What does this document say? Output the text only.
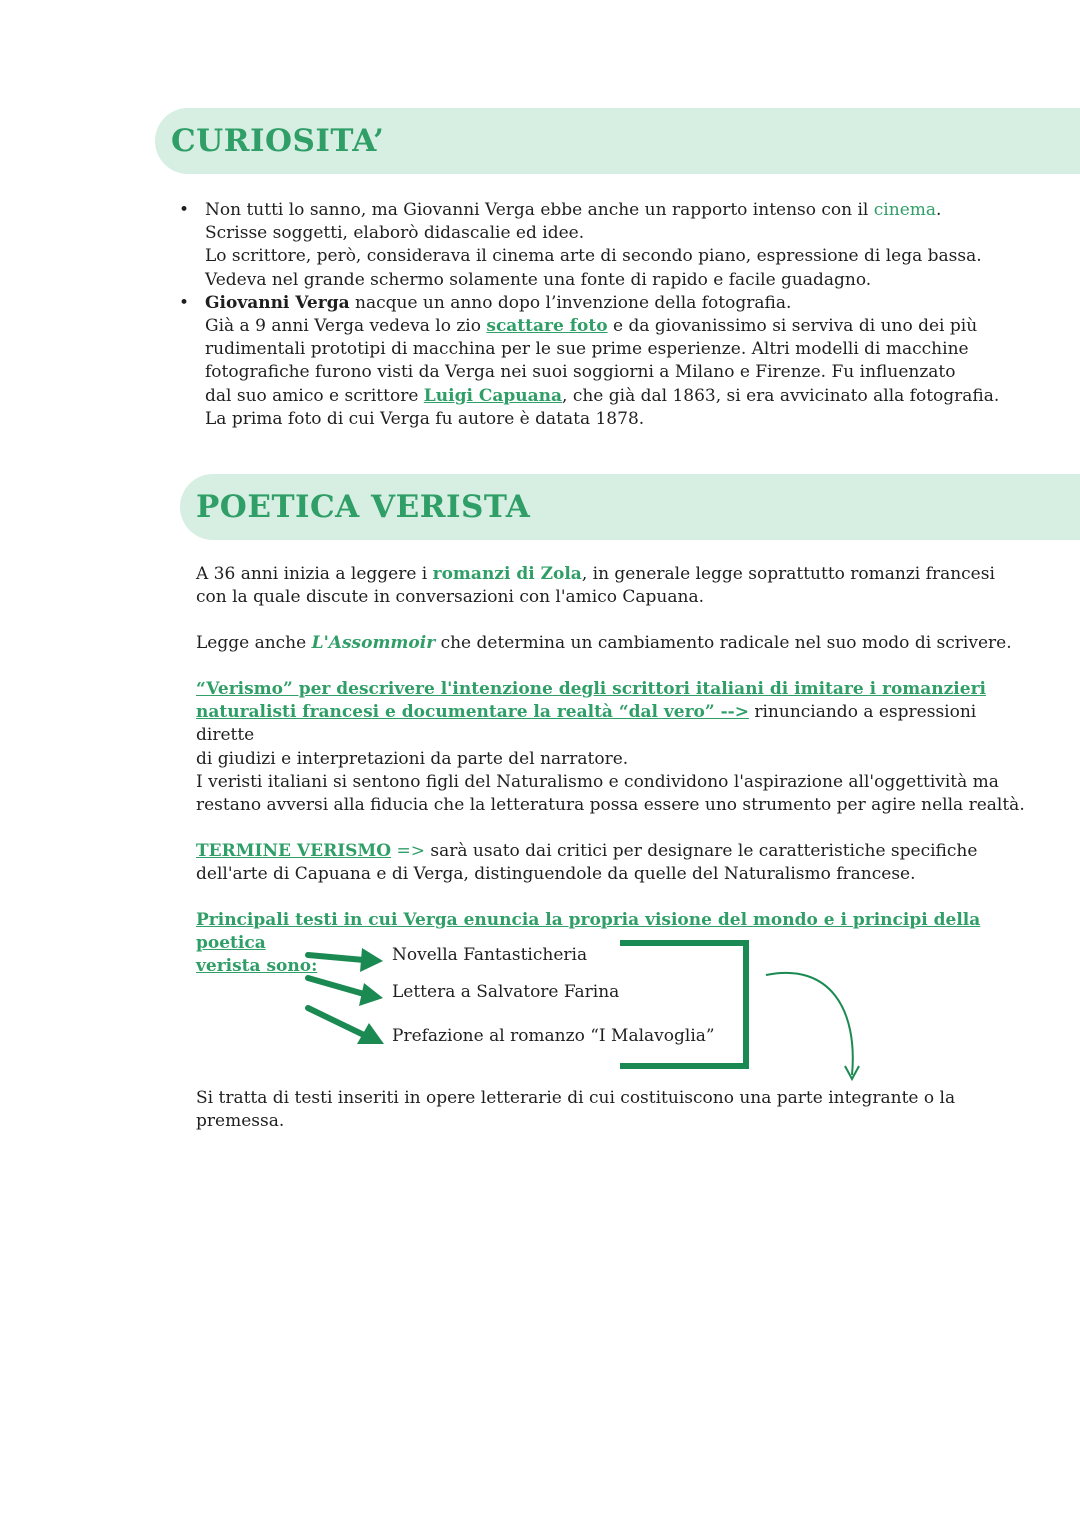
CURIOSITA’
• Non tutti lo sanno, ma Giovanni Verga ebbe anche un rapporto intenso con il cinema.

Scrisse soggetti, elaborò didascalie ed idee.

Lo scrittore, però, considerava il cinema arte di secondo piano, espressione di lega bassa.

Vedeva nel grande schermo solamente una fonte di rapido e facile guadagno.

• Giovanni Verga nacque un anno dopo l’invenzione della fotografia.

Già a 9 anni Verga vedeva lo zio scattare foto e da giovanissimo si serviva di uno dei più

rudimentali prototipi di macchina per le sue prime esperienze. Altri modelli di macchine

fotografiche furono visti da Verga nei suoi soggiorni a Milano e Firenze. Fu influenzato

dal suo amico e scrittore Luigi Capuana, che già dal 1863, si era avvicinato alla fotografia.

La prima foto di cui Verga fu autore è datata 1878.

POETICA VERISTA

A 36 anni inizia a leggere i romanzi di Zola, in generale legge soprattutto romanzi francesi

con la quale discute in conversazioni con l'amico Capuana.

Legge anche L'Assommoir che determina un cambiamento radicale nel suo modo di scrivere.

“Verismo” per descrivere l'intenzione degli scrittori italiani di imitare i romanzieri

naturalisti francesi e documentare la realtà “dal vero” --> rinunciando a espressioni dirette

di giudizi e interpretazioni da parte del narratore.

I veristi italiani si sentono figli del Naturalismo e condividono l'aspirazione all'oggettività ma

restano avversi alla fiducia che la letteratura possa essere uno strumento per agire nella realtà.

TERMINE VERISMO => sarà usato dai critici per designare le caratteristiche specifiche

dell'arte di Capuana e di Verga, distinguendole da quelle del Naturalismo francese.

Principali testi in cui Verga enuncia la propria visione del mondo e i principi della poetica

verista sono:

Novella Fantasticheria
Lettera a Salvatore Farina
Prefazione al romanzo “I Malavoglia”

Si tratta di testi inseriti in opere letterarie di cui costituiscono una parte integrante o la

premessa.
